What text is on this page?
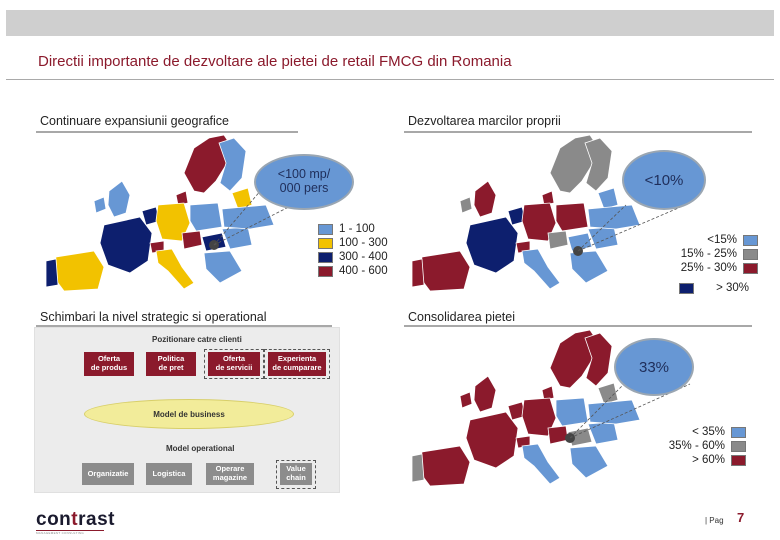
Directii importante de dezvoltare ale pietei de retail FMCG din Romania
Continuare expansiunii geografice
<100 mp/
000 pers
1 - 100
100 - 300
300 - 400
400 - 600
Dezvoltarea marcilor proprii
<10%
<15%
15% - 25%
25% - 30%
> 30%
Schimbari la nivel strategic si operational
Pozitionare catre clienti
Oferta
de produs
Politica
de pret
Oferta
de servicii
Experienta
de cumparare
Model de business
Model operational
Organizatie	Logistica	Operare
magazine
Value
chain
Consolidarea pietei
33%
< 35%
35% - 60%
> 60%
contrast
MANAGEMENT CONSULTING
| Pag 7
